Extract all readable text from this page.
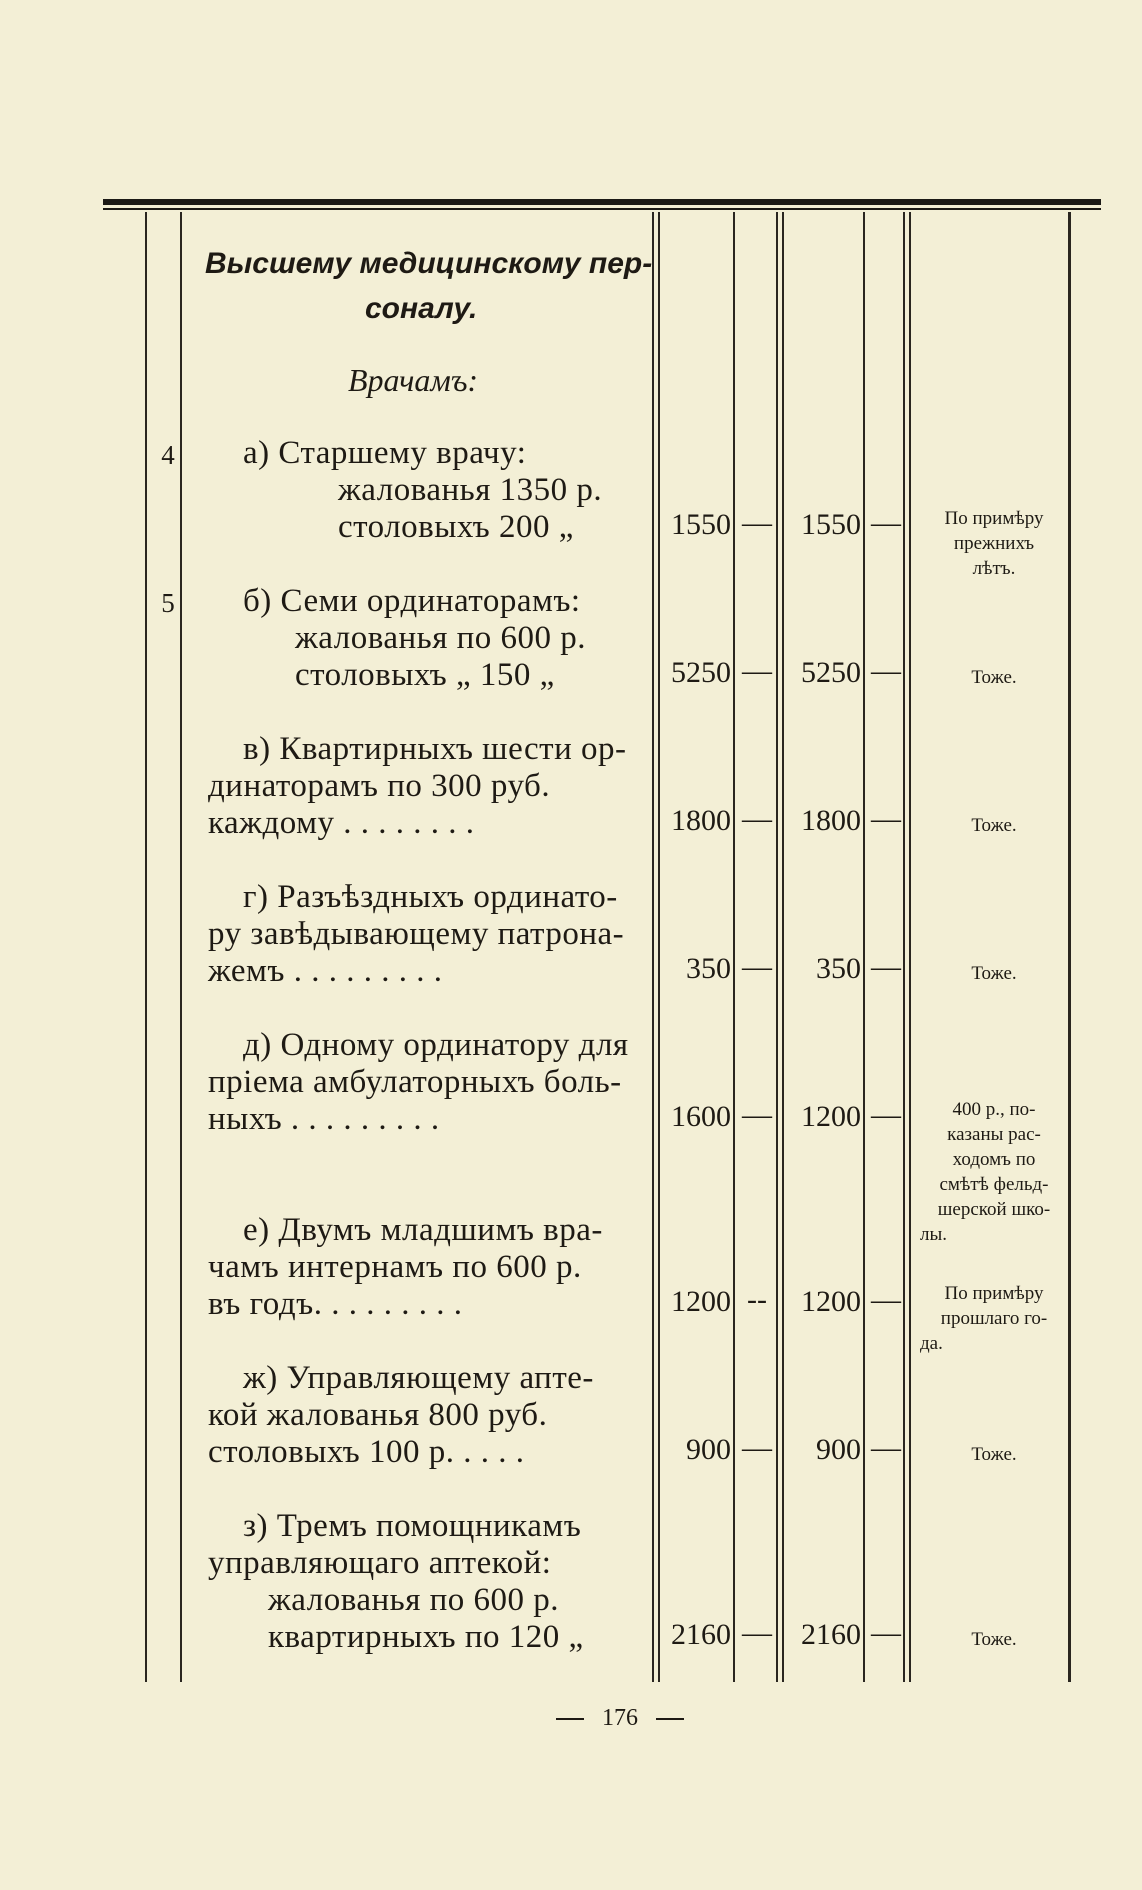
Высшему медицинскому пер-
соналу.
Врачамъ:
4 а) Старшему врачу:
жалованья 1350 р.
столовыхъ 200 „	1550 — 1550 —	По примѣру
прежнихъ
лѣтъ.
5 б) Семи ординаторамъ:
жалованья по 600 р.
столовыхъ „ 150 „	5250 — 5250 —	Тоже.
в) Квартирныхъ шести ор-
динаторамъ по 300 руб.
каждому . . . . . . . .	1800 — 1800 —	Тоже.
г) Разъѣздныхъ ординато-
ру завѣдывающему патрона-
жемъ . . . . . . . . .	350 —	350 —	Тоже.
д) Одному ординатору для
пріема амбулаторныхъ боль-
ныхъ . . . . . . . . .	1600 — 1200 —	400 р., по-
казаны рас-
ходомъ по
смѣтѣ фельд-
шерской шко-
лы.
е) Двумъ младшимъ вра-
чамъ интернамъ по 600 р.
въ годъ. . . . . . . . .	1200 --	1200 —	По примѣру
прошлаго го-
да.
ж) Управляющему апте-
кой жалованья 800 руб.
столовыхъ 100 р. . . . .	900 —	900 —	Тоже.
з) Тремъ помощникамъ
управляющаго аптекой:
жалованья по 600 р.
квартирныхъ по 120 „	2160 — 2160 —	Тоже.
176
